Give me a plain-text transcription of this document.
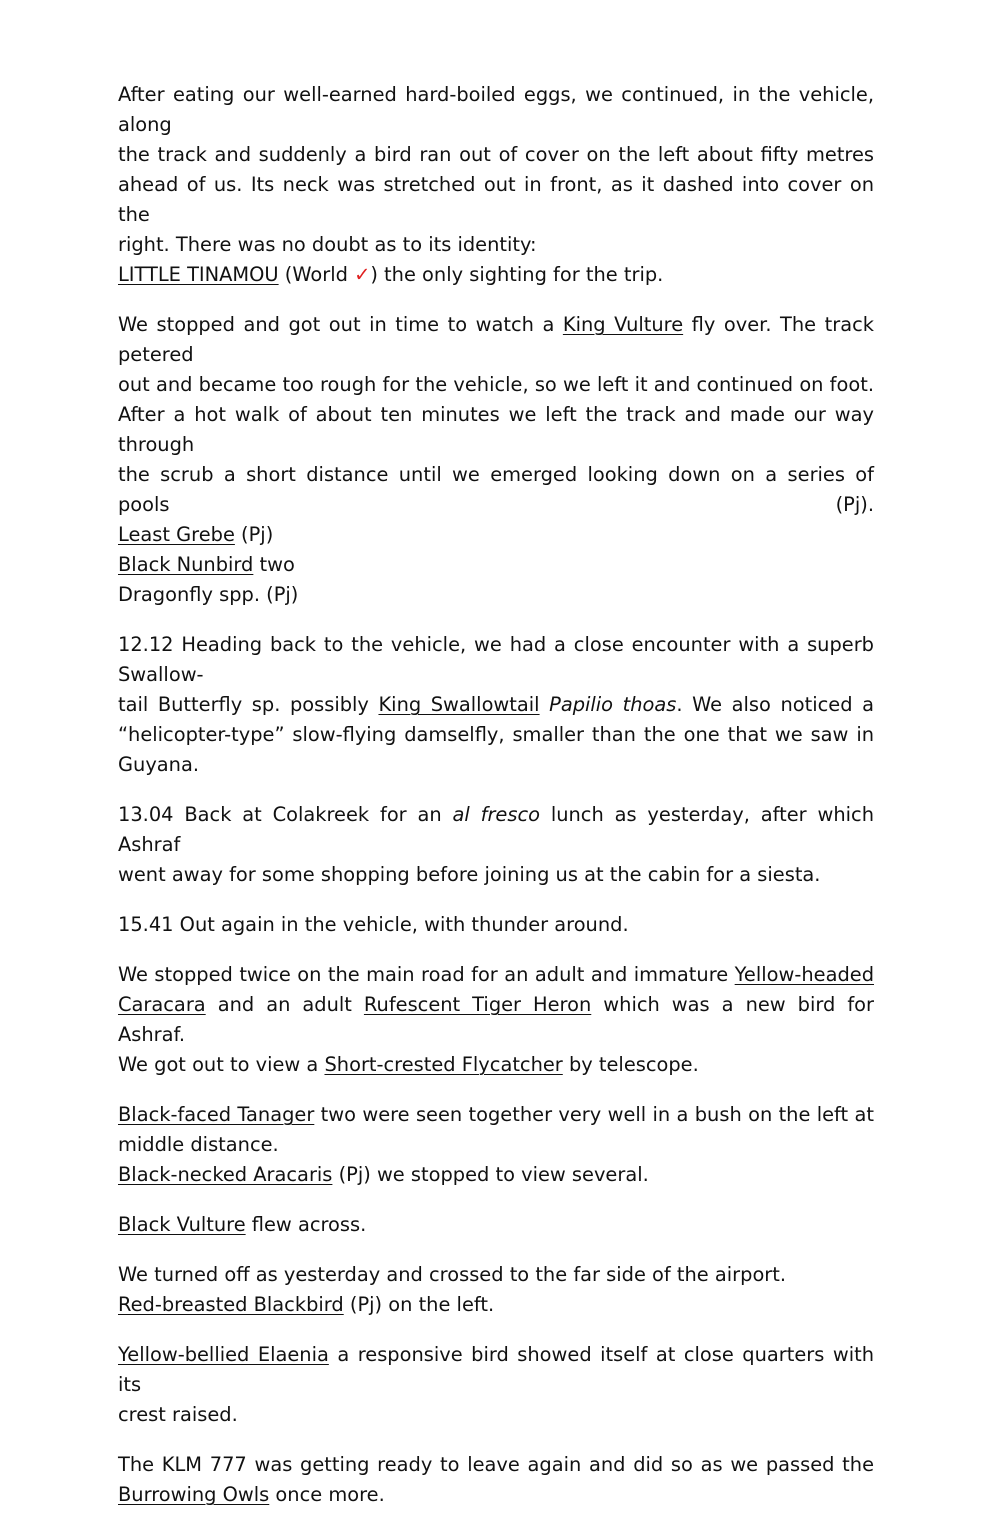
After eating our well-earned hard-boiled eggs, we continued, in the vehicle, along
the track and suddenly a bird ran out of cover on the left about fifty metres
ahead of us. Its neck was stretched out in front, as it dashed into cover on the
right. There was no doubt as to its identity:
LITTLE TINAMOU (World ✓) the only sighting for the trip.

We stopped and got out in time to watch a King Vulture fly over. The track petered
out and became too rough for the vehicle, so we left it and continued on foot.
After a hot walk of about ten minutes we left the track and made our way through
the scrub a short distance until we emerged looking down on a series of pools (Pj).
Least Grebe (Pj)
Black Nunbird two
Dragonfly spp. (Pj)

12.12 Heading back to the vehicle, we had a close encounter with a superb Swallow-
tail Butterfly sp. possibly King Swallowtail Papilio thoas. We also noticed a
“helicopter-type” slow-flying damselfly, smaller than the one that we saw in
Guyana.

13.04 Back at Colakreek for an al fresco lunch as yesterday, after which Ashraf
went away for some shopping before joining us at the cabin for a siesta.

15.41 Out again in the vehicle, with thunder around.

We stopped twice on the main road for an adult and immature Yellow-headed
Caracara and an adult Rufescent Tiger Heron which was a new bird for Ashraf.
We got out to view a Short-crested Flycatcher by telescope.

Black-faced Tanager two were seen together very well in a bush on the left at
middle distance.
Black-necked Aracaris (Pj) we stopped to view several.

Black Vulture flew across.

We turned off as yesterday and crossed to the far side of the airport.
Red-breasted Blackbird (Pj) on the left.

Yellow-bellied Elaenia a responsive bird showed itself at close quarters with its
crest raised.

The KLM 777 was getting ready to leave again and did so as we passed the
Burrowing Owls once more.
